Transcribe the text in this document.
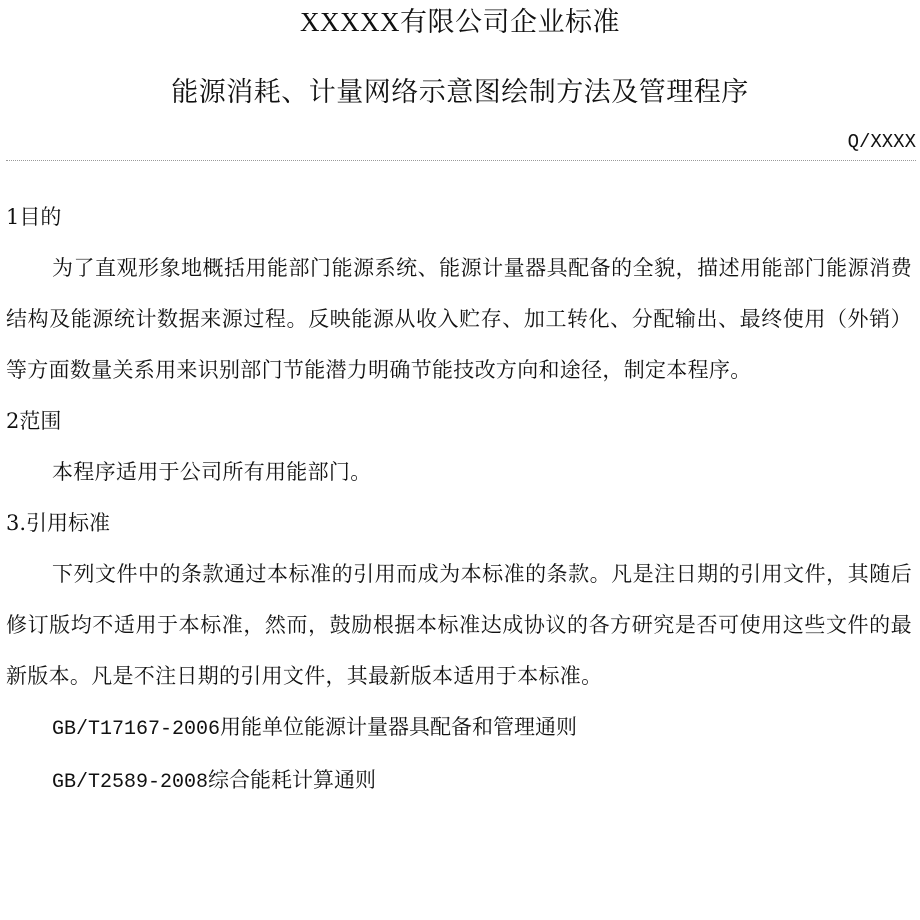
XXXXX有限公司企业标准
能源消耗、计量网络示意图绘制方法及管理程序
Q/XXXX

1目的

为了直观形象地概括用能部门能源系统、能源计量器具配备的全貌，描述用能部门能源消费结构及能源统计数据来源过程。反映能源从收入贮存、加工转化、分配输出、最终使用（外销）等方面数量关系用来识别部门节能潜力明确节能技改方向和途径，制定本程序。

2范围

本程序适用于公司所有用能部门。

3.引用标准

下列文件中的条款通过本标准的引用而成为本标准的条款。凡是注日期的引用文件，其随后修订版均不适用于本标准，然而，鼓励根据本标准达成协议的各方研究是否可使用这些文件的最新版本。凡是不注日期的引用文件，其最新版本适用于本标准。

GB/T17167-2006用能单位能源计量器具配备和管理通则

GB/T2589-2008综合能耗计算通则
